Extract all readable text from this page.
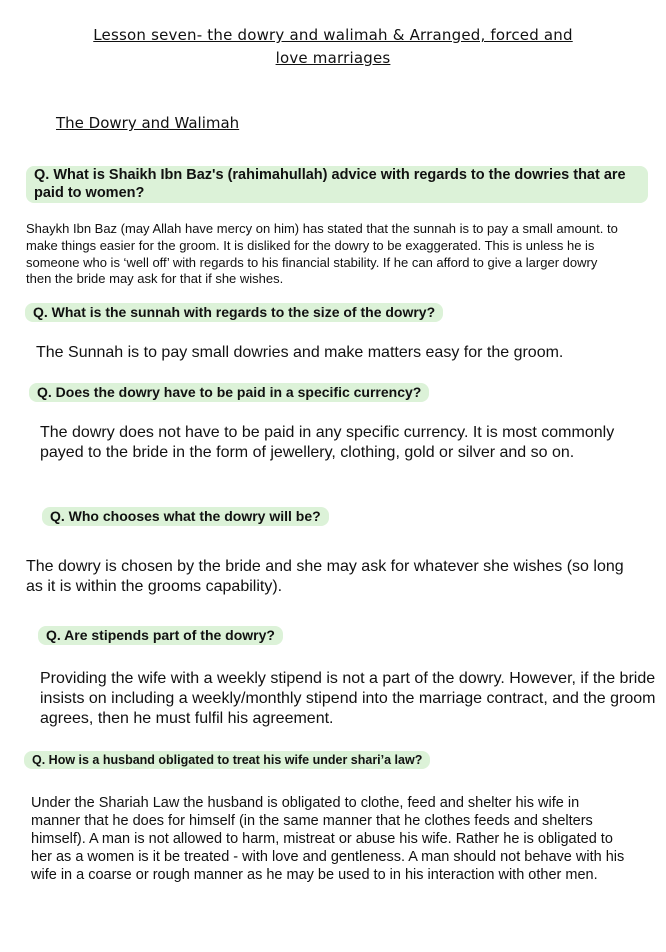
Lesson seven- the dowry and walimah & Arranged, forced and
love marriages
The Dowry and Walimah
Q. What is Shaikh Ibn Baz's (rahimahullah) advice with regards to the dowries that are paid to women?
Shaykh Ibn Baz (may Allah have mercy on him) has stated that the sunnah is to pay a small amount. to make things easier for the groom. It is disliked for the dowry to be exaggerated. This is unless he is someone who is ‘well off’ with regards to his financial stability. If he can afford to give a larger dowry then the bride may ask for that if she wishes.
Q. What is the sunnah with regards to the size of the dowry?
The Sunnah is to pay small dowries and make matters easy for the groom.
Q. Does the dowry have to be paid in a specific currency?
The dowry does not have to be paid in any specific currency. It is most commonly payed to the bride in the form of jewellery, clothing, gold or silver and so on.
Q. Who chooses what the dowry will be?
The dowry is chosen by the bride and she may ask for whatever she wishes (so long as it is within the grooms capability).
Q. Are stipends part of the dowry?
Providing the wife with a weekly stipend is not a part of the dowry. However, if the bride insists on including a weekly/monthly stipend into the marriage contract, and the groom agrees, then he must fulfil his agreement.
Q. How is a husband obligated to treat his wife under shari’a law?
Under the Shariah Law the husband is obligated to clothe, feed and shelter his wife in manner that he does for himself (in the same manner that he clothes feeds and shelters himself). A man is not allowed to harm, mistreat or abuse his wife. Rather he is obligated to her as a women is it be treated - with love and gentleness. A man should not behave with his wife in a coarse or rough manner as he may be used to in his interaction with other men.
